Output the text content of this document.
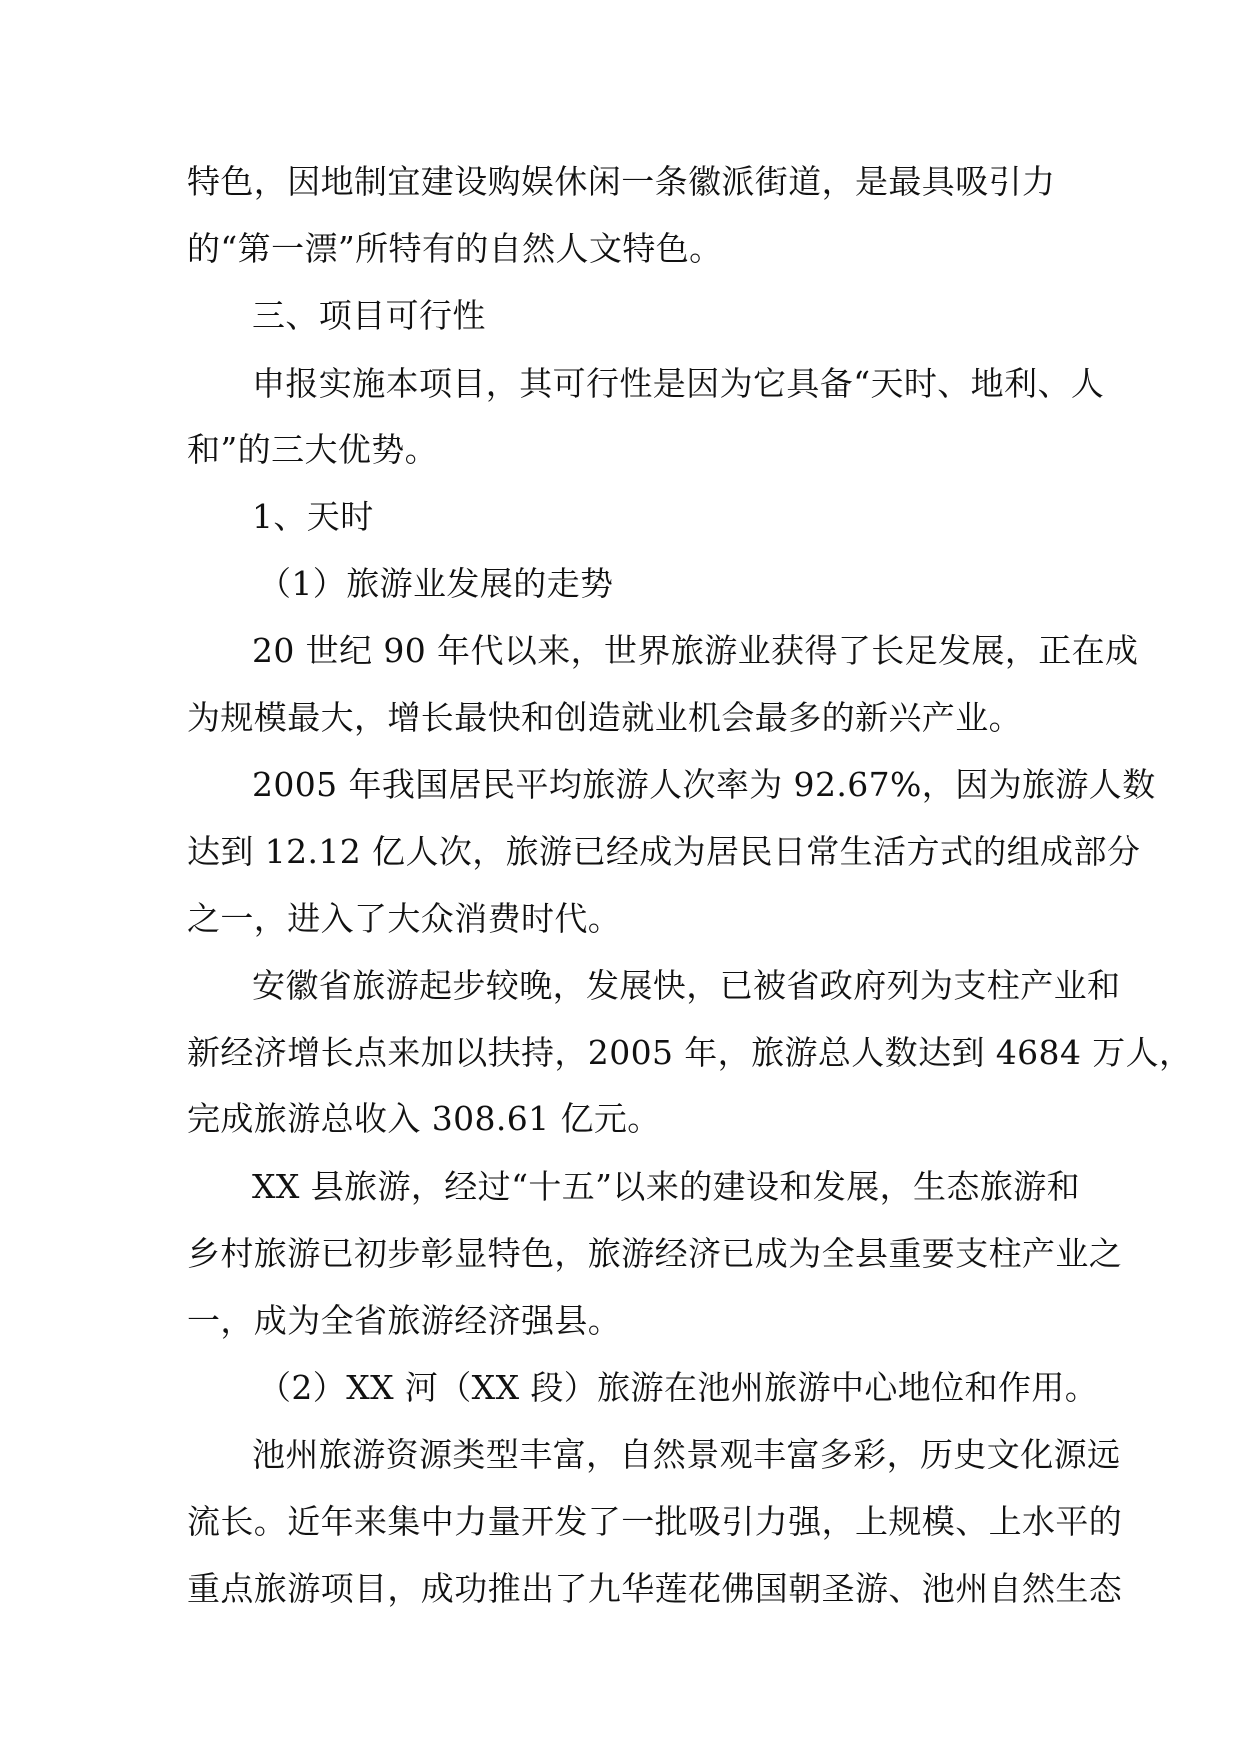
特色，因地制宜建设购娱休闲一条徽派街道，是最具吸引力
的“第一漂”所特有的自然人文特色。
三、项目可行性
申报实施本项目，其可行性是因为它具备“天时、地利、人
和”的三大优势。
1、天时
（1）旅游业发展的走势
20 世纪 90 年代以来，世界旅游业获得了长足发展，正在成
为规模最大，增长最快和创造就业机会最多的新兴产业。
2005 年我国居民平均旅游人次率为 92.67%，因为旅游人数
达到 12.12 亿人次，旅游已经成为居民日常生活方式的组成部分
之一，进入了大众消费时代。
安徽省旅游起步较晚，发展快，已被省政府列为支柱产业和
新经济增长点来加以扶持，2005 年，旅游总人数达到 4684 万人，
完成旅游总收入 308.61 亿元。
XX 县旅游，经过“十五”以来的建设和发展，生态旅游和
乡村旅游已初步彰显特色，旅游经济已成为全县重要支柱产业之
一，成为全省旅游经济强县。
（2）XX 河（XX 段）旅游在池州旅游中心地位和作用。
池州旅游资源类型丰富，自然景观丰富多彩，历史文化源远
流长。近年来集中力量开发了一批吸引力强，上规模、上水平的
重点旅游项目，成功推出了九华莲花佛国朝圣游、池州自然生态
